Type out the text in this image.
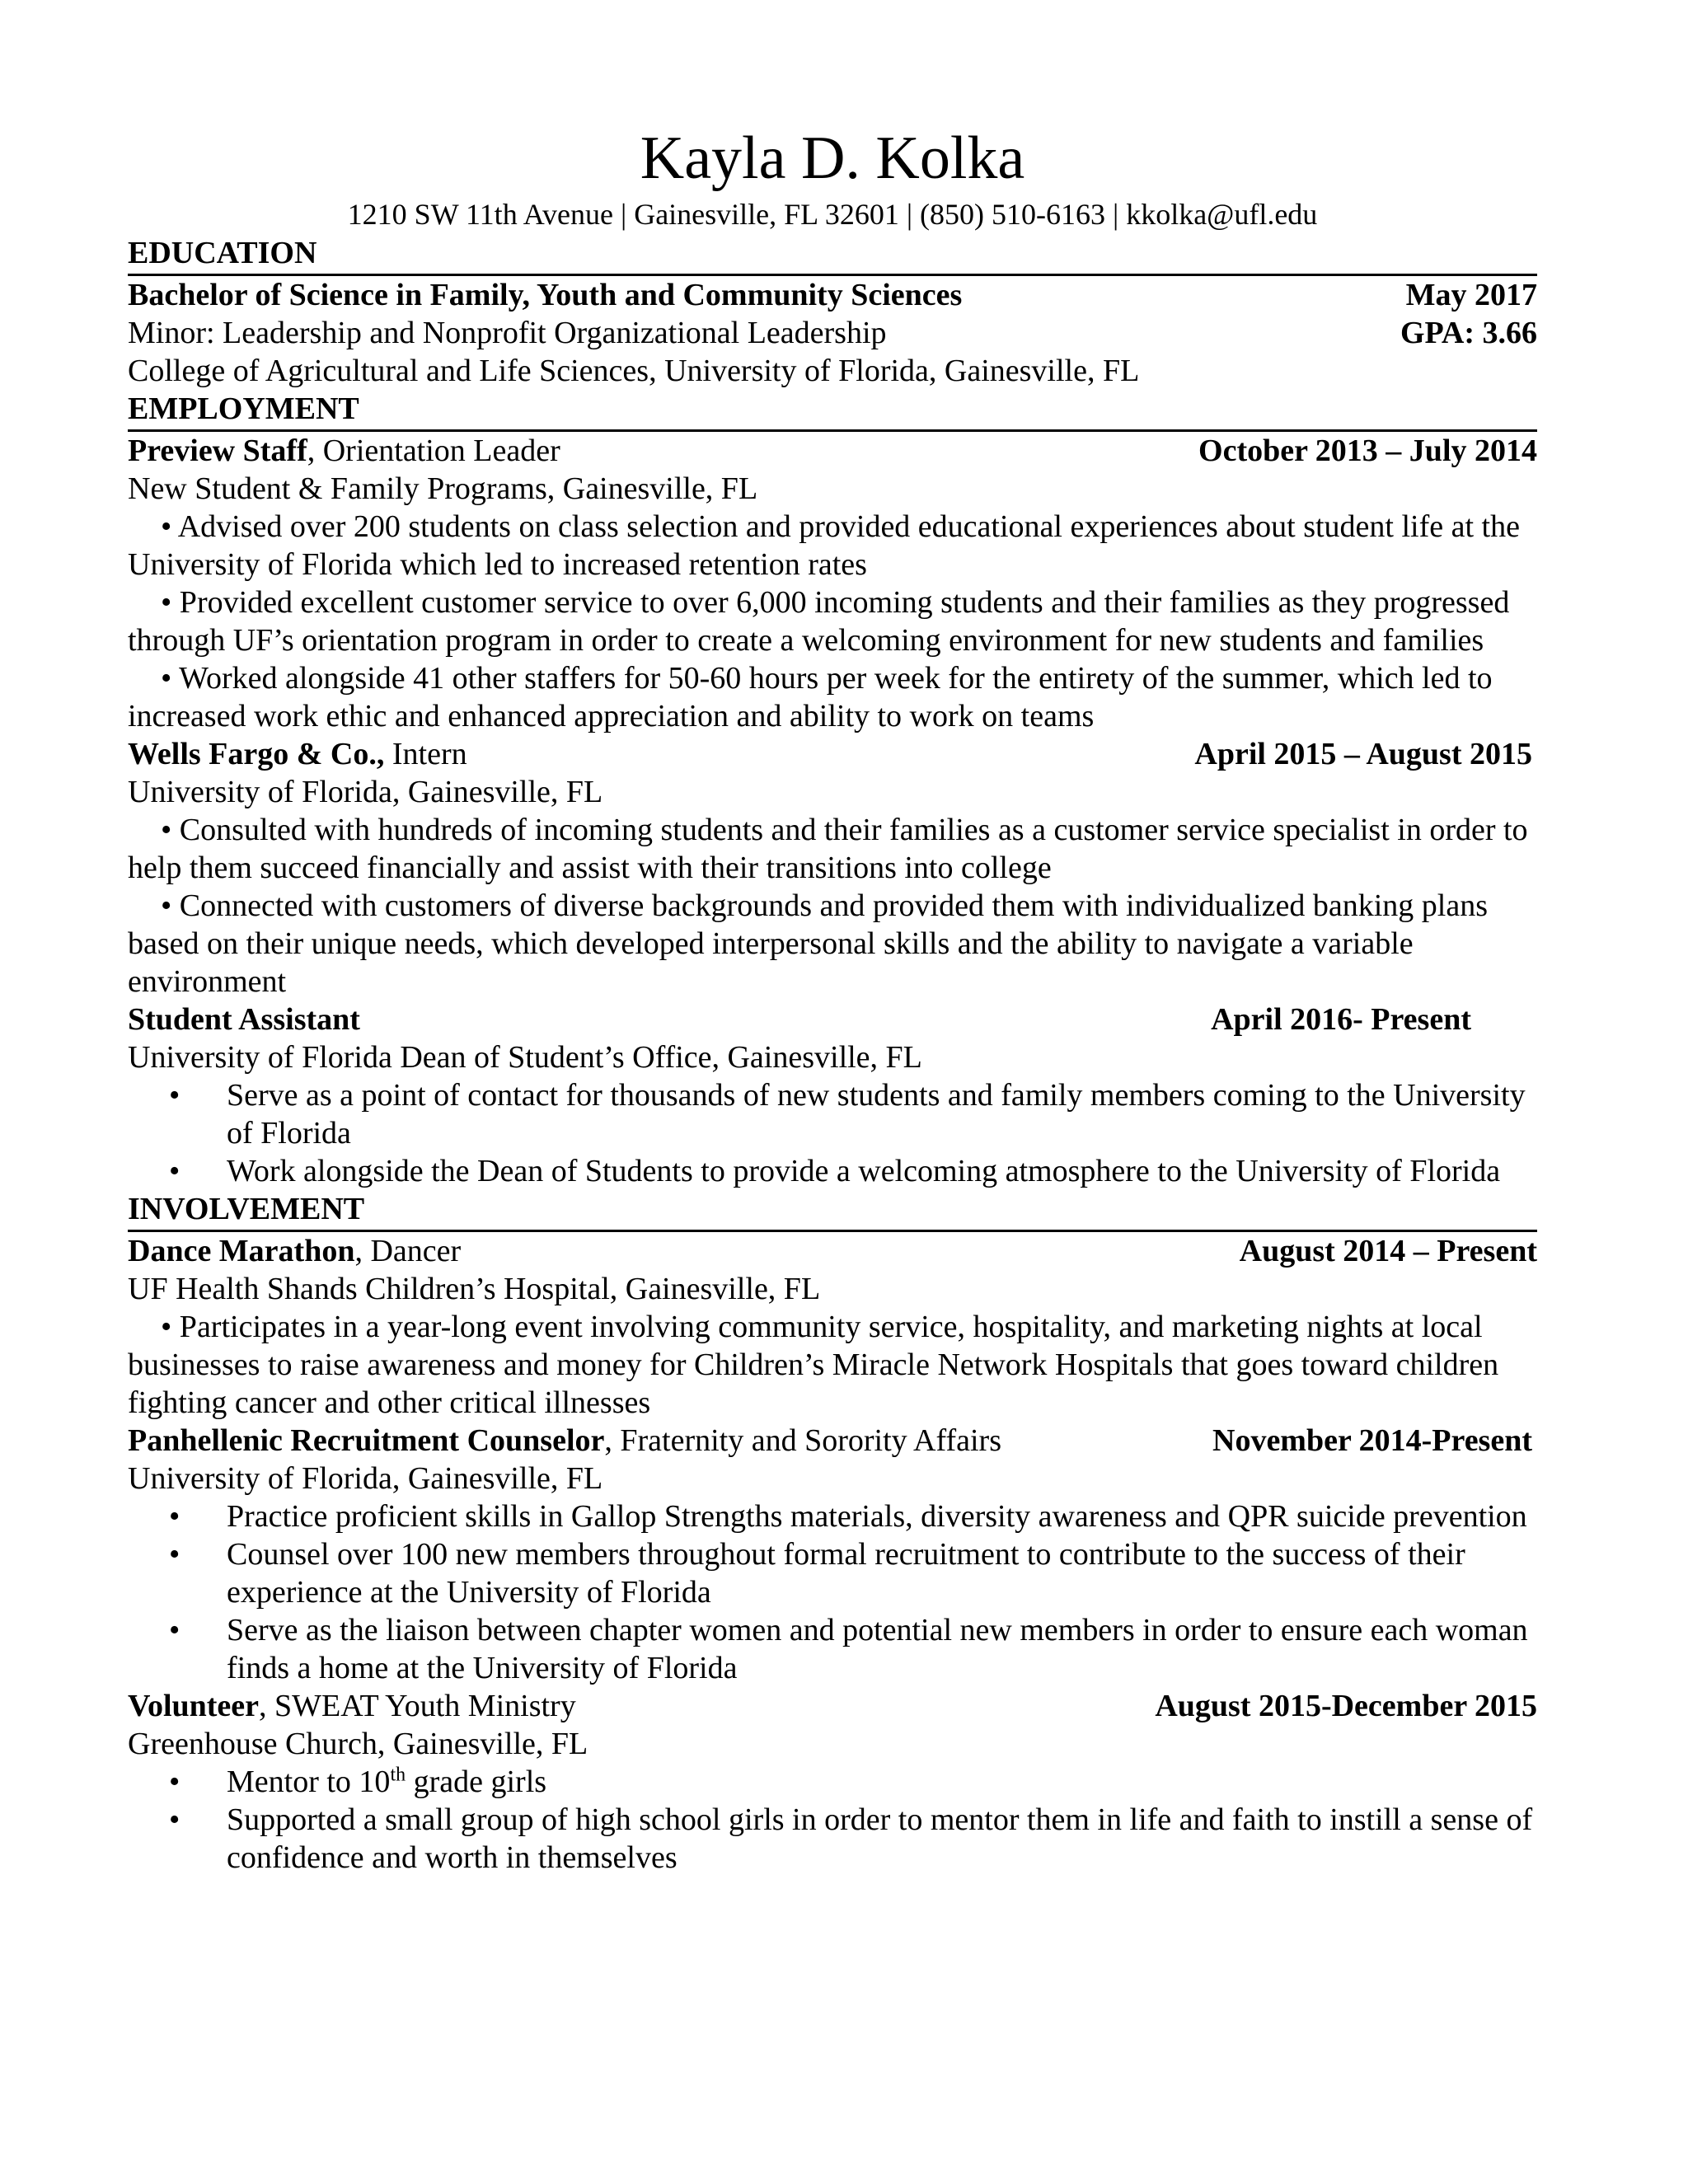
Kayla D. Kolka
1210 SW 11th Avenue | Gainesville, FL 32601 | (850) 510-6163 | kkolka@ufl.edu
EDUCATION
Bachelor of Science in Family, Youth and Community Sciences	May 2017
Minor: Leadership and Nonprofit Organizational Leadership	GPA: 3.66
College of Agricultural and Life Sciences, University of Florida, Gainesville, FL
EMPLOYMENT
Preview Staff, Orientation Leader	October 2013 – July 2014
New Student & Family Programs, Gainesville, FL
• Advised over 200 students on class selection and provided educational experiences about student life at the University of Florida which led to increased retention rates
• Provided excellent customer service to over 6,000 incoming students and their families as they progressed through UF’s orientation program in order to create a welcoming environment for new students and families
• Worked alongside 41 other staffers for 50-60 hours per week for the entirety of the summer, which led to increased work ethic and enhanced appreciation and ability to work on teams
Wells Fargo & Co., Intern	April 2015 – August 2015
University of Florida, Gainesville, FL
• Consulted with hundreds of incoming students and their families as a customer service specialist in order to help them succeed financially and assist with their transitions into college
• Connected with customers of diverse backgrounds and provided them with individualized banking plans based on their unique needs, which developed interpersonal skills and the ability to navigate a variable environment
Student Assistant	April 2016- Present
University of Florida Dean of Student’s Office, Gainesville, FL
• Serve as a point of contact for thousands of new students and family members coming to the University of Florida
• Work alongside the Dean of Students to provide a welcoming atmosphere to the University of Florida
INVOLVEMENT
Dance Marathon, Dancer	August 2014 – Present
UF Health Shands Children’s Hospital, Gainesville, FL
• Participates in a year-long event involving community service, hospitality, and marketing nights at local businesses to raise awareness and money for Children’s Miracle Network Hospitals that goes toward children fighting cancer and other critical illnesses
Panhellenic Recruitment Counselor, Fraternity and Sorority Affairs	November 2014-Present
University of Florida, Gainesville, FL
• Practice proficient skills in Gallop Strengths materials, diversity awareness and QPR suicide prevention
• Counsel over 100 new members throughout formal recruitment to contribute to the success of their experience at the University of Florida
• Serve as the liaison between chapter women and potential new members in order to ensure each woman finds a home at the University of Florida
Volunteer, SWEAT Youth Ministry	August 2015-December 2015
Greenhouse Church, Gainesville, FL
• Mentor to 10th grade girls
• Supported a small group of high school girls in order to mentor them in life and faith to instill a sense of confidence and worth in themselves
